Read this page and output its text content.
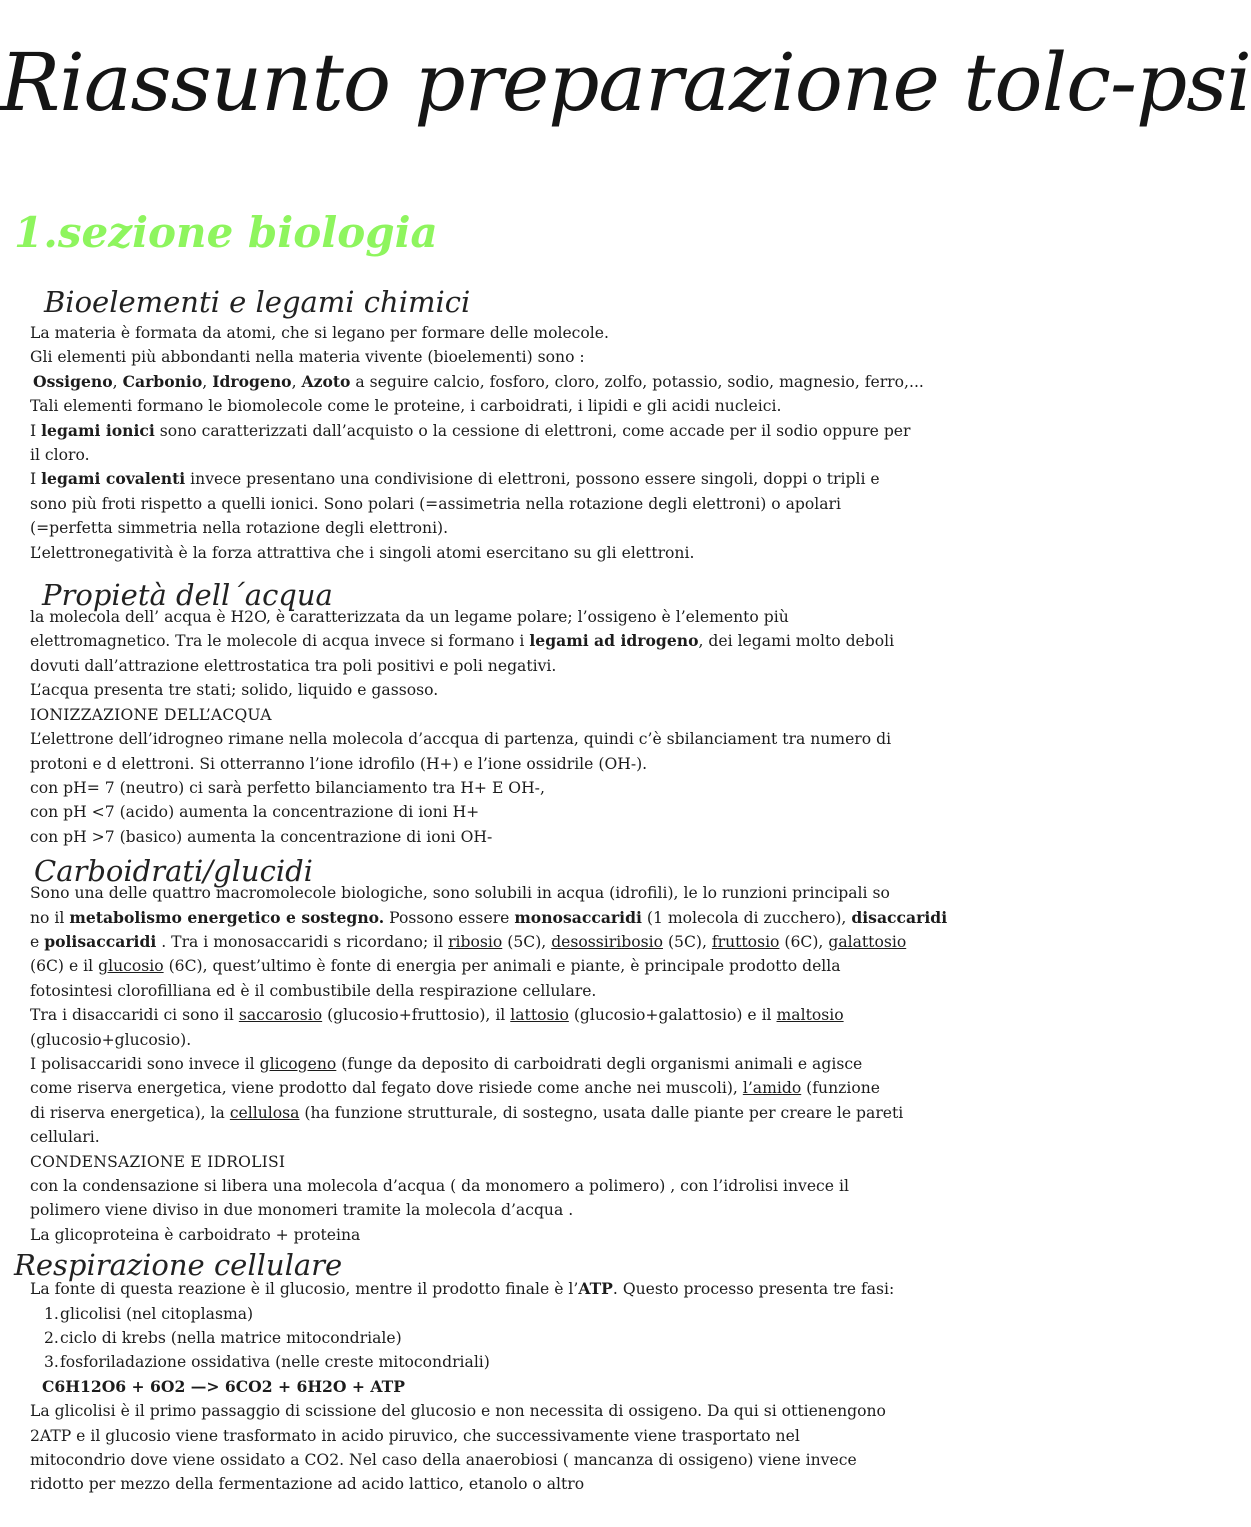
Riassunto preparazione tolc-psi
1.sezione biologia
Bioelementi e legami chimici

La materia è formata da atomi, che si legano per formare delle molecole.

Gli elementi più abbondanti nella materia vivente (bioelementi) sono :

Ossigeno, Carbonio, Idrogeno, Azoto a seguire calcio, fosforo, cloro, zolfo, potassio, sodio, magnesio, ferro,...

Tali elementi formano le biomolecole come le proteine, i carboidrati, i lipidi e gli acidi nucleici.

I legami ionici sono caratterizzati dall’acquisto o la cessione di elettroni, come accade per il sodio oppure per

il cloro.

I legami covalenti invece presentano una condivisione di elettroni, possono essere singoli, doppi o tripli e

sono più froti rispetto a quelli ionici. Sono polari (=assimetria nella rotazione degli elettroni) o apolari

(=perfetta simmetria nella rotazione degli elettroni).

L’elettronegatività è la forza attrattiva che i singoli atomi esercitano su gli elettroni.

Propietà dell´acqua

la molecola dell’ acqua è H2O, è caratterizzata da un legame polare; l’ossigeno è l’elemento più

elettromagnetico. Tra le molecole di acqua invece si formano i legami ad idrogeno, dei legami molto deboli

dovuti dall’attrazione elettrostatica tra poli positivi e poli negativi.

L’acqua presenta tre stati; solido, liquido e gassoso.

IONIZZAZIONE DELL’ACQUA

L’elettrone dell’idrogneo rimane nella molecola d’accqua di partenza, quindi c’è sbilanciament tra numero di

protoni e d elettroni. Si otterranno l’ione idrofilo (H+) e l’ione ossidrile (OH-).

con pH= 7 (neutro) ci sarà perfetto bilanciamento tra H+ E OH-,

con pH <7 (acido) aumenta la concentrazione di ioni H+

con pH >7 (basico) aumenta la concentrazione di ioni OH-

Carboidrati/glucidi

Sono una delle quattro macromolecole biologiche, sono solubili in acqua (idrofili), le lo runzioni principali so

no il metabolismo energetico e sostegno. Possono essere monosaccaridi (1 molecola di zucchero), disaccaridi

e polisaccaridi . Tra i monosaccaridi s ricordano; il ribosio (5C), desossiribosio (5C), fruttosio (6C), galattosio

(6C) e il glucosio (6C), quest’ultimo è fonte di energia per animali e piante, è principale prodotto della

fotosintesi clorofilliana ed è il combustibile della respirazione cellulare.

Tra i disaccaridi ci sono il saccarosio (glucosio+fruttosio), il lattosio (glucosio+galattosio) e il maltosio

(glucosio+glucosio).

I polisaccaridi sono invece il glicogeno (funge da deposito di carboidrati degli organismi animali e agisce

come riserva energetica, viene prodotto dal fegato dove risiede come anche nei muscoli), l’amido (funzione

di riserva energetica), la cellulosa (ha funzione strutturale, di sostegno, usata dalle piante per creare le pareti

cellulari.

CONDENSAZIONE E IDROLISI

con la condensazione si libera una molecola d’acqua ( da monomero a polimero) , con l’idrolisi invece il

polimero viene diviso in due monomeri tramite la molecola d’acqua .

La glicoproteina è carboidrato + proteina

Respirazione cellulare

La fonte di questa reazione è il glucosio, mentre il prodotto finale è l’ATP. Questo processo presenta tre fasi:

1.glicolisi (nel citoplasma)
2.ciclo di krebs (nella matrice mitocondriale)
3.fosforiladazione ossidativa (nelle creste mitocondriali)

C6H12O6 + 6O2 —> 6CO2 + 6H2O + ATP

La glicolisi è il primo passaggio di scissione del glucosio e non necessita di ossigeno. Da qui si ottienengono

2ATP e il glucosio viene trasformato in acido piruvico, che successivamente viene trasportato nel

mitocondrio dove viene ossidato a CO2. Nel caso della anaerobiosi ( mancanza di ossigeno) viene invece

ridotto per mezzo della fermentazione ad acido lattico, etanolo o altro
